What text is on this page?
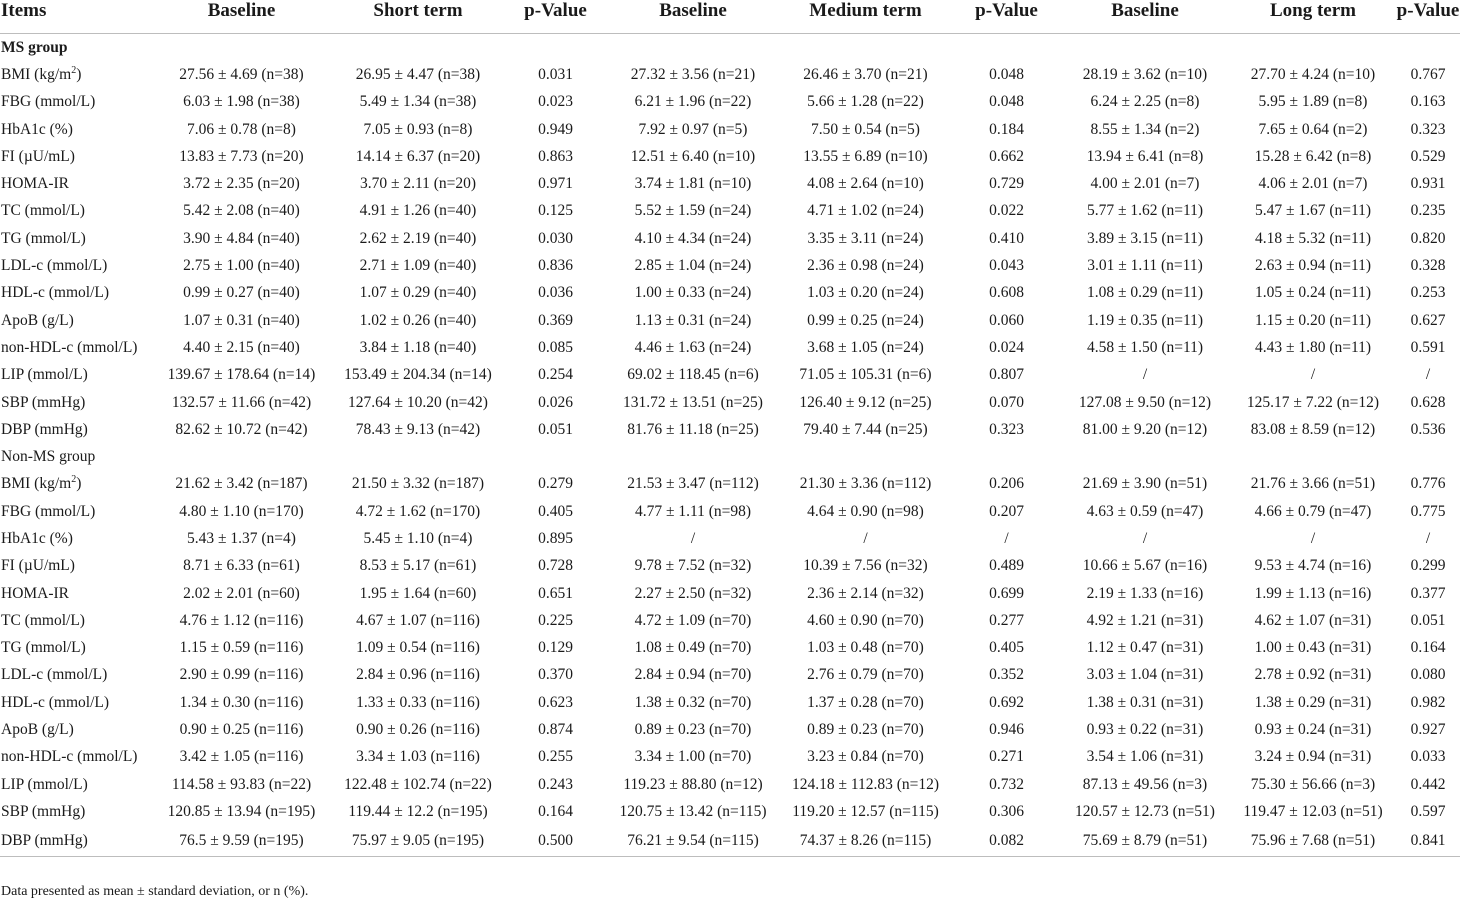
Items	Baseline	Short term	p-Value	Baseline	Medium term	p-Value	Baseline	Long term	p-Value
MS group									
BMI $(kg/m^2)$	27.56 ± 4.69 (n=38)	26.95 ± 4.47 (n=38)	0.031	27.32 ± 3.56 (n=21)	26.46 ± 3.70 (n=21)	0.048	28.19 ± 3.62 (n=10)	27.70 ± 4.24 (n=10)	0.767
FBG (mmol/L)	6.03 ± 1.98 (n=38)	5.49 ± 1.34 (n=38)	0.023	6.21 ± 1.96 (n=22)	5.66 ± 1.28 (n=22)	0.048	6.24 ± 2.25 (n=8)	5.95 ± 1.89 (n=8)	0.163
HbA1c (%)	7.06 ± 0.78 (n=8)	7.05 ± 0.93 (n=8)	0.949	7.92 ± 0.97 (n=5)	7.50 ± 0.54 (n=5)	0.184	8.55 ± 1.34 (n=2)	7.65 ± 0.64 (n=2)	0.323
FI (µU/mL)	13.83 ± 7.73 (n=20)	14.14 ± 6.37 (n=20)	0.863	12.51 ± 6.40 (n=10)	13.55 ± 6.89 (n=10)	0.662	13.94 ± 6.41 (n=8)	15.28 ± 6.42 (n=8)	0.529
HOMA-IR	3.72 ± 2.35 (n=20)	3.70 ± 2.11 (n=20)	0.971	3.74 ± 1.81 (n=10)	4.08 ± 2.64 (n=10)	0.729	4.00 ± 2.01 (n=7)	4.06 ± 2.01 (n=7)	0.931
TC (mmol/L)	5.42 ± 2.08 (n=40)	4.91 ± 1.26 (n=40)	0.125	5.52 ± 1.59 (n=24)	4.71 ± 1.02 (n=24)	0.022	5.77 ± 1.62 (n=11)	5.47 ± 1.67 (n=11)	0.235
TG (mmol/L)	3.90 ± 4.84 (n=40)	2.62 ± 2.19 (n=40)	0.030	4.10 ± 4.34 (n=24)	3.35 ± 3.11 (n=24)	0.410	3.89 ± 3.15 (n=11)	4.18 ± 5.32 (n=11)	0.820
LDL-c (mmol/L)	2.75 ± 1.00 (n=40)	2.71 ± 1.09 (n=40)	0.836	2.85 ± 1.04 (n=24)	2.36 ± 0.98 (n=24)	0.043	3.01 ± 1.11 (n=11)	2.63 ± 0.94 (n=11)	0.328
HDL-c (mmol/L)	0.99 ± 0.27 (n=40)	1.07 ± 0.29 (n=40)	0.036	1.00 ± 0.33 (n=24)	1.03 ± 0.20 (n=24)	0.608	1.08 ± 0.29 (n=11)	1.05 ± 0.24 (n=11)	0.253
ApoB (g/L)	1.07 ± 0.31 (n=40)	1.02 ± 0.26 (n=40)	0.369	1.13 ± 0.31 (n=24)	0.99 ± 0.25 (n=24)	0.060	1.19 ± 0.35 (n=11)	1.15 ± 0.20 (n=11)	0.627
non-HDL-c (mmol/L)	4.40 ± 2.15 (n=40)	3.84 ± 1.18 (n=40)	0.085	4.46 ± 1.63 (n=24)	3.68 ± 1.05 (n=24)	0.024	4.58 ± 1.50 (n=11)	4.43 ± 1.80 (n=11)	0.591
LIP (mmol/L)	139.67 ± 178.64 (n=14)	153.49 ± 204.34 (n=14)	0.254	69.02 ± 118.45 (n=6)	71.05 ± 105.31 (n=6)	0.807	/	/	/
SBP (mmHg)	132.57 ± 11.66 (n=42)	127.64 ± 10.20 (n=42)	0.026	131.72 ± 13.51 (n=25)	126.40 ± 9.12 (n=25)	0.070	127.08 ± 9.50 (n=12)	125.17 ± 7.22 (n=12)	0.628
DBP (mmHg)	82.62 ± 10.72 (n=42)	78.43 ± 9.13 (n=42)	0.051	81.76 ± 11.18 (n=25)	79.40 ± 7.44 (n=25)	0.323	81.00 ± 9.20 (n=12)	83.08 ± 8.59 (n=12)	0.536
Non-MS group									
BMI $(kg/m^2)$	21.62 ± 3.42 (n=187)	21.50 ± 3.32 (n=187)	0.279	21.53 ± 3.47 (n=112)	21.30 ± 3.36 (n=112)	0.206	21.69 ± 3.90 (n=51)	21.76 ± 3.66 (n=51)	0.776
FBG (mmol/L)	4.80 ± 1.10 (n=170)	4.72 ± 1.62 (n=170)	0.405	4.77 ± 1.11 (n=98)	4.64 ± 0.90 (n=98)	0.207	4.63 ± 0.59 (n=47)	4.66 ± 0.79 (n=47)	0.775
HbA1c (%)	5.43 ± 1.37 (n=4)	5.45 ± 1.10 (n=4)	0.895	/	/	/	/	/	/
FI (µU/mL)	8.71 ± 6.33 (n=61)	8.53 ± 5.17 (n=61)	0.728	9.78 ± 7.52 (n=32)	10.39 ± 7.56 (n=32)	0.489	10.66 ± 5.67 (n=16)	9.53 ± 4.74 (n=16)	0.299
HOMA-IR	2.02 ± 2.01 (n=60)	1.95 ± 1.64 (n=60)	0.651	2.27 ± 2.50 (n=32)	2.36 ± 2.14 (n=32)	0.699	2.19 ± 1.33 (n=16)	1.99 ± 1.13 (n=16)	0.377
TC (mmol/L)	4.76 ± 1.12 (n=116)	4.67 ± 1.07 (n=116)	0.225	4.72 ± 1.09 (n=70)	4.60 ± 0.90 (n=70)	0.277	4.92 ± 1.21 (n=31)	4.62 ± 1.07 (n=31)	0.051
TG (mmol/L)	1.15 ± 0.59 (n=116)	1.09 ± 0.54 (n=116)	0.129	1.08 ± 0.49 (n=70)	1.03 ± 0.48 (n=70)	0.405	1.12 ± 0.47 (n=31)	1.00 ± 0.43 (n=31)	0.164
LDL-c (mmol/L)	2.90 ± 0.99 (n=116)	2.84 ± 0.96 (n=116)	0.370	2.84 ± 0.94 (n=70)	2.76 ± 0.79 (n=70)	0.352	3.03 ± 1.04 (n=31)	2.78 ± 0.92 (n=31)	0.080
HDL-c (mmol/L)	1.34 ± 0.30 (n=116)	1.33 ± 0.33 (n=116)	0.623	1.38 ± 0.32 (n=70)	1.37 ± 0.28 (n=70)	0.692	1.38 ± 0.31 (n=31)	1.38 ± 0.29 (n=31)	0.982
ApoB (g/L)	0.90 ± 0.25 (n=116)	0.90 ± 0.26 (n=116)	0.874	0.89 ± 0.23 (n=70)	0.89 ± 0.23 (n=70)	0.946	0.93 ± 0.22 (n=31)	0.93 ± 0.24 (n=31)	0.927
non-HDL-c (mmol/L)	3.42 ± 1.05 (n=116)	3.34 ± 1.03 (n=116)	0.255	3.34 ± 1.00 (n=70)	3.23 ± 0.84 (n=70)	0.271	3.54 ± 1.06 (n=31)	3.24 ± 0.94 (n=31)	0.033
LIP (mmol/L)	114.58 ± 93.83 (n=22)	122.48 ± 102.74 (n=22)	0.243	119.23 ± 88.80 (n=12)	124.18 ± 112.83 (n=12)	0.732	87.13 ± 49.56 (n=3)	75.30 ± 56.66 (n=3)	0.442
SBP (mmHg)	120.85 ± 13.94 (n=195)	119.44 ± 12.2 (n=195)	0.164	120.75 ± 13.42 (n=115)	119.20 ± 12.57 (n=115)	0.306	120.57 ± 12.73 (n=51)	119.47 ± 12.03 (n=51)	0.597
DBP (mmHg)	76.5 ± 9.59 (n=195)	75.97 ± 9.05 (n=195)	0.500	76.21 ± 9.54 (n=115)	74.37 ± 8.26 (n=115)	0.082	75.69 ± 8.79 (n=51)	75.96 ± 7.68 (n=51)	0.841
Data presented as mean ± standard deviation, or n (%).
